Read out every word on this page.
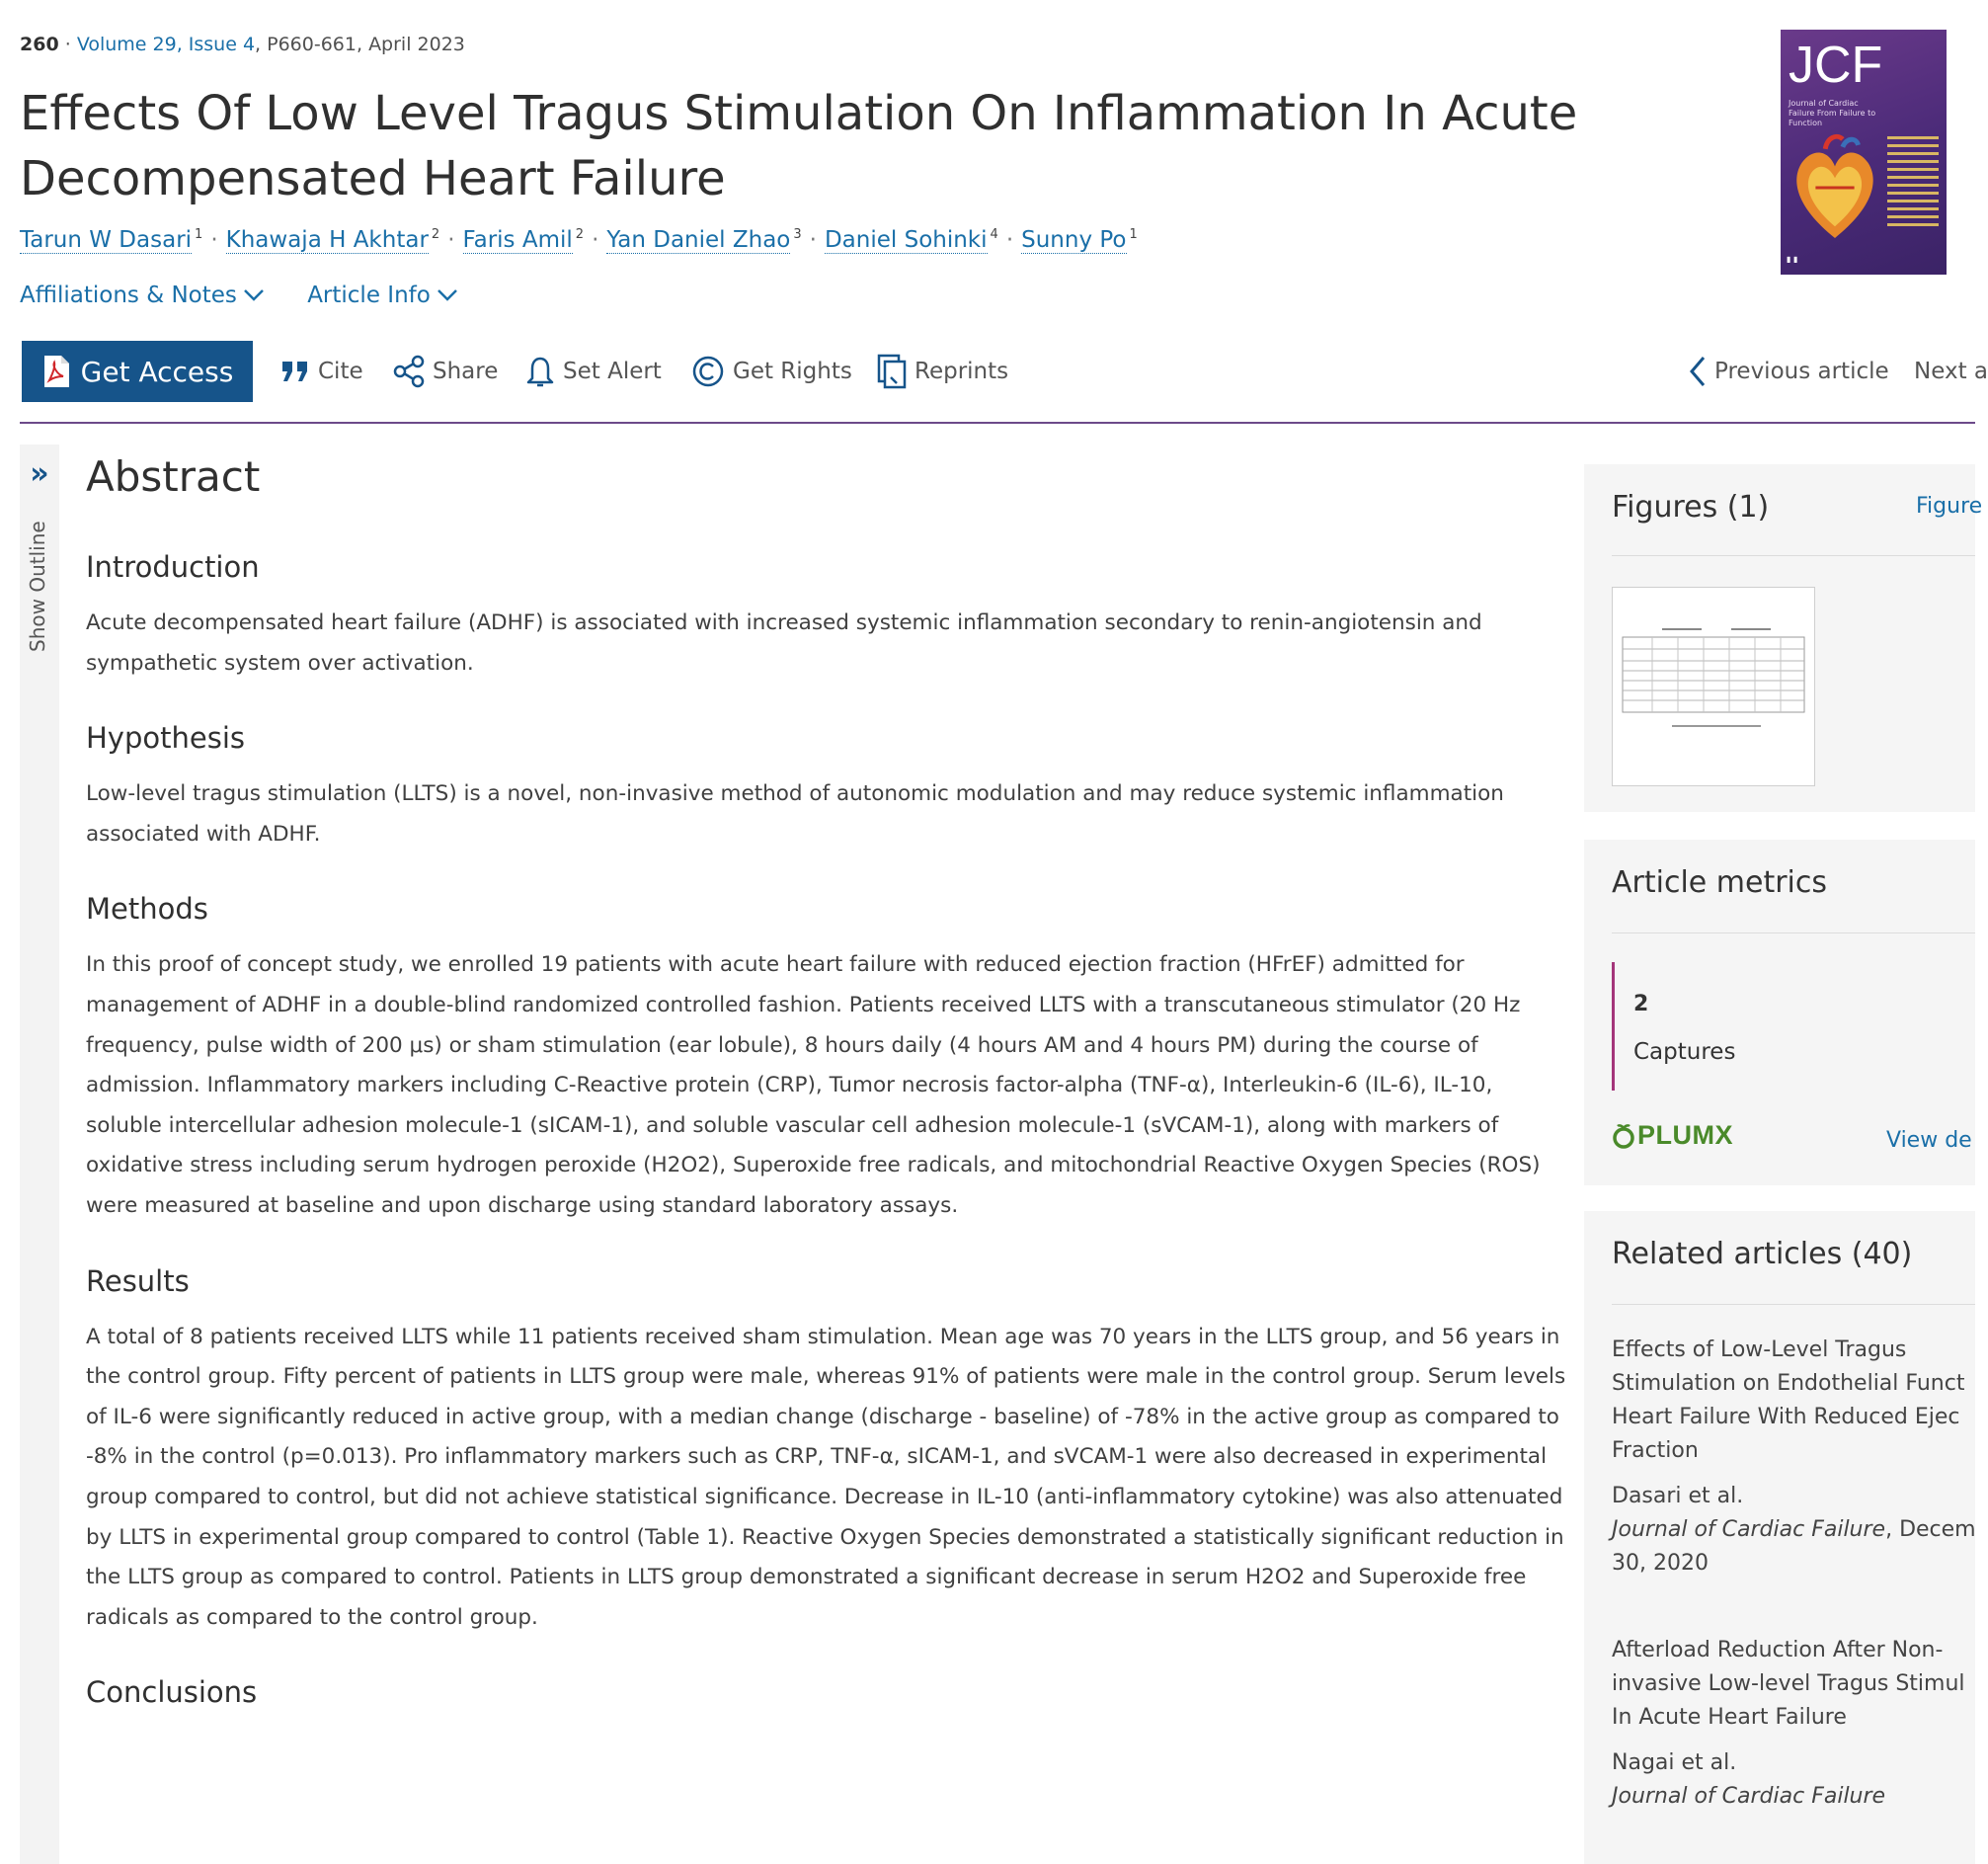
260 · Volume 29, Issue 4, P660-661, April 2023
Effects Of Low Level Tragus Stimulation On Inflammation In Acute Decompensated Heart Failure
Tarun W Dasari $^1$ · Khawaja H Akhtar $^2$ · Faris Amil $^2$ · Yan Daniel Zhao $^3$ · Daniel Sohinki $^4$ · Sunny Po $^1$
Affiliations & Notes
	Article Info
JCF
Journal of Cardiac Failure From Failure to Function
▮ ▮
Get Access	Cite	Share	Set Alert	Get Rights	Reprints	Previous article Next a
»
Show Outline
Abstract
Introduction

Acute decompensated heart failure (ADHF) is associated with increased systemic inflammation secondary to renin-angiotensin and sympathetic system over activation.

Hypothesis

Low-level tragus stimulation (LLTS) is a novel, non-invasive method of autonomic modulation and may reduce systemic inflammation associated with ADHF.

Methods

In this proof of concept study, we enrolled 19 patients with acute heart failure with reduced ejection fraction (HFrEF) admitted for management of ADHF in a double-blind randomized controlled fashion. Patients received LLTS with a transcutaneous stimulator (20 Hz frequency, pulse width of 200 μs) or sham stimulation (ear lobule), 8 hours daily (4 hours AM and 4 hours PM) during the course of admission. Inflammatory markers including C-Reactive protein (CRP), Tumor necrosis factor-alpha (TNF-α), Interleukin-6 (IL-6), IL-10, soluble intercellular adhesion molecule-1 (sICAM-1), and soluble vascular cell adhesion molecule-1 (sVCAM-1), along with markers of oxidative stress including serum hydrogen peroxide (H2O2), Superoxide free radicals, and mitochondrial Reactive Oxygen Species (ROS) were measured at baseline and upon discharge using standard laboratory assays.

Results

A total of 8 patients received LLTS while 11 patients received sham stimulation. Mean age was 70 years in the LLTS group, and 56 years in the control group. Fifty percent of patients in LLTS group were male, whereas 91% of patients were male in the control group. Serum levels of IL-6 were significantly reduced in active group, with a median change (discharge - baseline) of -78% in the active group as compared to -8% in the control (p=0.013). Pro inflammatory markers such as CRP, TNF-α, sICAM-1, and sVCAM-1 were also decreased in experimental group compared to control, but did not achieve statistical significance. Decrease in IL-10 (anti-inflammatory cytokine) was also attenuated by LLTS in experimental group compared to control (Table 1). Reactive Oxygen Species demonstrated a statistically significant reduction in the LLTS group as compared to control. Patients in LLTS group demonstrated a significant decrease in serum H2O2 and Superoxide free radicals as compared to the control group.

Conclusions
Figures (1)	Figure
Article metrics
2
Captures
PLUMX	View de
Related articles (40)
Effects of Low-Level Tragus
Stimulation on Endothelial Funct
Heart Failure With Reduced Ejec
Fraction
Dasari et al.
Journal of Cardiac Failure, Decem
30, 2020
Afterload Reduction After Non-
invasive Low-level Tragus Stimul
In Acute Heart Failure
Nagai et al.
Journal of Cardiac Failure
